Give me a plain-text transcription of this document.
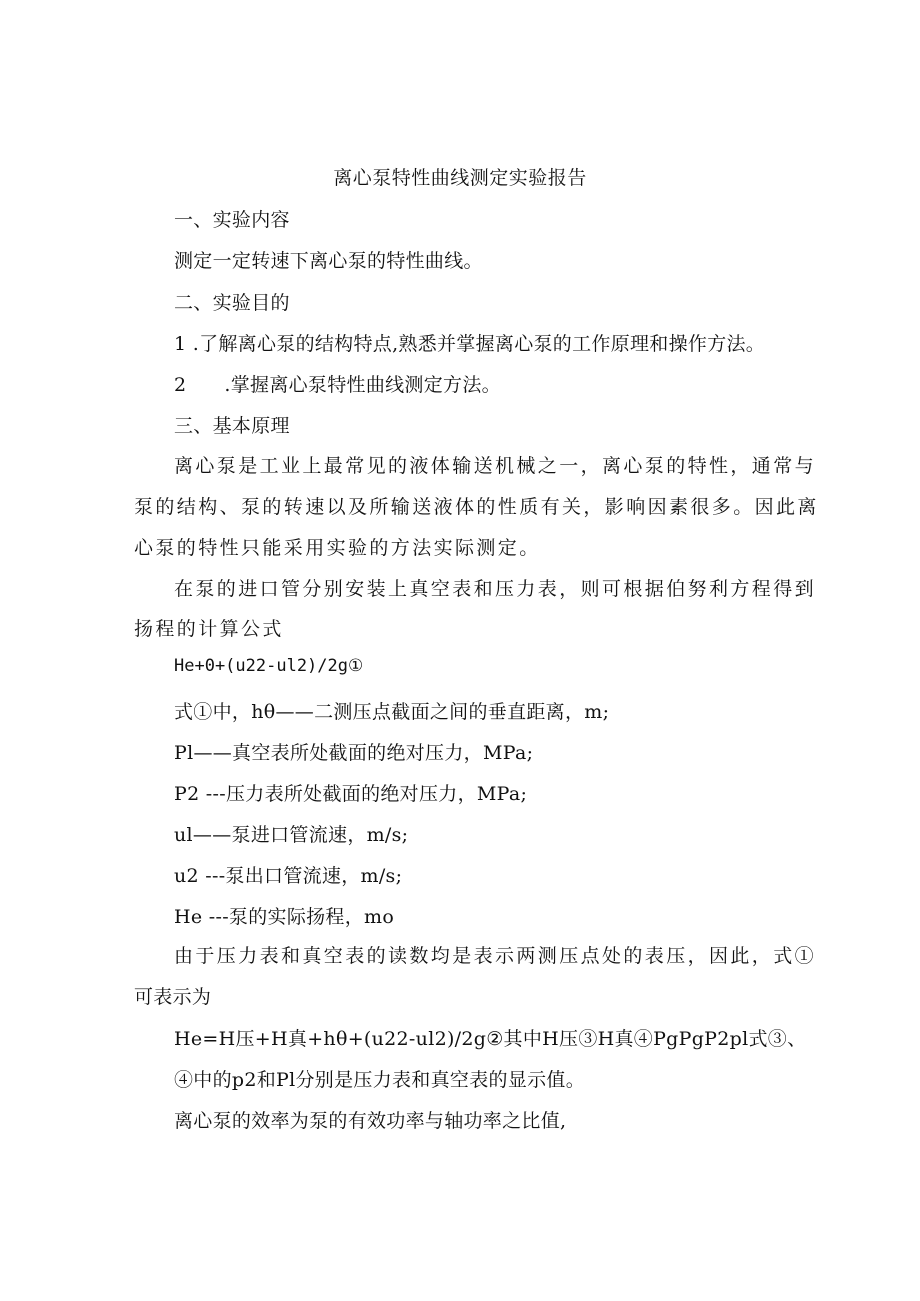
离心泵特性曲线测定实验报告
一、实验内容
测定一定转速下离心泵的特性曲线。
二、实验目的
1 .了解离心泵的结构特点,熟悉并掌握离心泵的工作原理和操作方法。
2 .掌握离心泵特性曲线测定方法。
三、基本原理
离心泵是工业上最常见的液体输送机械之一，离心泵的特性，通常与
泵的结构、泵的转速以及所输送液体的性质有关，影响因素很多。因此离
心泵的特性只能采用实验的方法实际测定。
在泵的进口管分别安装上真空表和压力表，则可根据伯努利方程得到
扬程的计算公式
He+0+(u22-ul2)/2g①
式①中，hθ——二测压点截面之间的垂直距离，m;
Pl——真空表所处截面的绝对压力，MPa;
P2 ---压力表所处截面的绝对压力，MPa;
ul——泵进口管流速，m/s;
u2 ---泵出口管流速，m/s;
He ---泵的实际扬程，mo
由于压力表和真空表的读数均是表示两测压点处的表压，因此，式①
可表示为
He=H压+H真+hθ+(u22-ul2)/2g②其中H压③H真④PgPgP2pl式③、
④中的p2和Pl分别是压力表和真空表的显示值。
离心泵的效率为泵的有效功率与轴功率之比值,
